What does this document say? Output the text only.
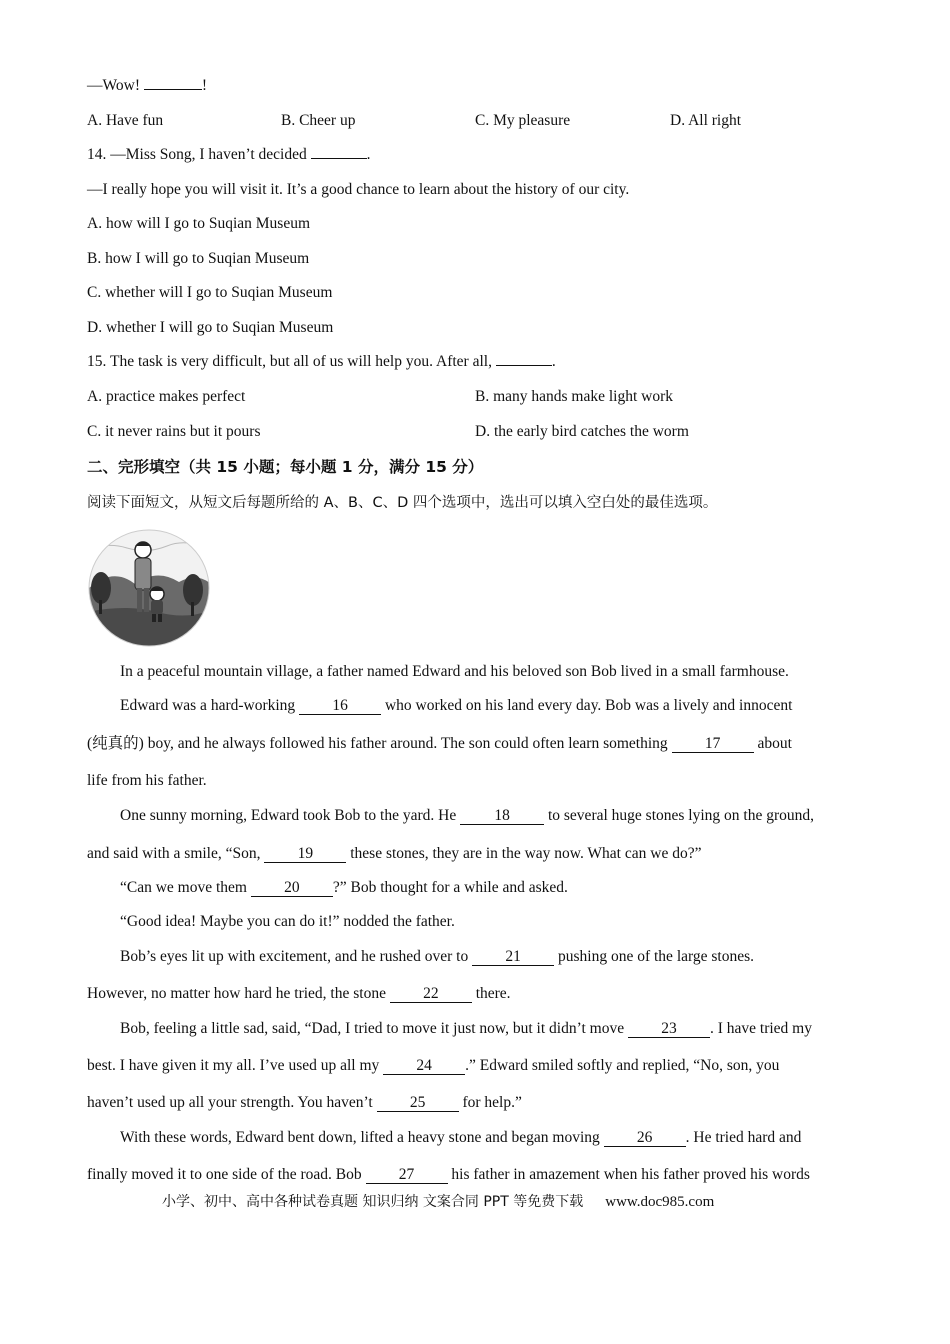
—Wow!	!
A. Have fun	B. Cheer up	C. My pleasure	D. All right
14. —Miss Song, I haven’t decided	.
—I really hope you will visit it. It’s a good chance to learn about the history of our city.
A. how will I go to Suqian Museum
B. how I will go to Suqian Museum
C. whether will I go to Suqian Museum
D. whether I will go to Suqian Museum
15. The task is very difficult, but all of us will help you. After all,	.
A. practice makes perfect	B. many hands make light work
C. it never rains but it pours	D. the early bird catches the worm
二、完形填空（共 15 小题；每小题 1 分，满分 15 分）
阅读下面短文，从短文后每题所给的 A、B、C、D 四个选项中，选出可以填入空白处的最佳选项。
In a peaceful mountain village, a father named Edward and his beloved son Bob lived in a small farmhouse.
Edward was a hard-working 16 who worked on his land every day. Bob was a lively and innocent
(纯真的) boy, and he always followed his father around. The son could often learn something 17 about
life from his father.
One sunny morning, Edward took Bob to the yard. He 18 to several huge stones lying on the ground,
and said with a smile, “Son, 19 these stones, they are in the way now. What can we do?”
“Can we move them 20 ?” Bob thought for a while and asked.
“Good idea! Maybe you can do it!” nodded the father.
Bob’s eyes lit up with excitement, and he rushed over to 21 pushing one of the large stones.
However, no matter how hard he tried, the stone 22 there.
Bob, feeling a little sad, said, “Dad, I tried to move it just now, but it didn’t move 23 . I have tried my
best. I have given it my all. I’ve used up all my 24 .” Edward smiled softly and replied, “No, son, you
haven’t used up all your strength. You haven’t 25 for help.”
With these words, Edward bent down, lifted a heavy stone and began moving 26 . He tried hard and
finally moved it to one side of the road. Bob 27 his father in amazement when his father proved his words
小学、初中、高中各种试卷真题 知识归纳 文案合同 PPT 等免费下载 www.doc985.com
